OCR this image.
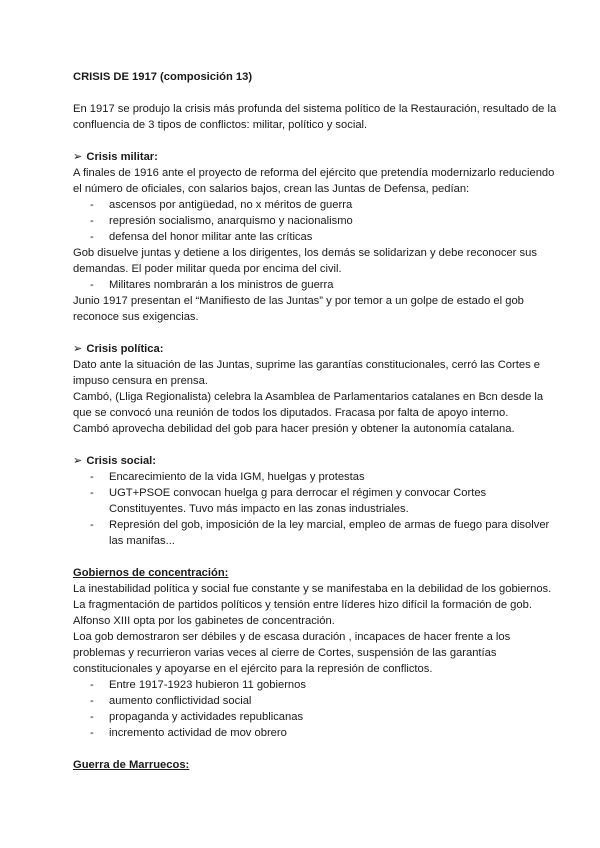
CRISIS DE 1917 (composición 13)

En 1917 se produjo la crisis más profunda del sistema político de la Restauración, resultado de la confluencia de 3 tipos de conflictos: militar, político y social.

➢ Crisis militar:

A finales de 1916 ante el proyecto de reforma del ejército que pretendía modernizarlo reduciendo el número de oficiales, con salarios bajos, crean las Juntas de Defensa, pedían:

- ascensos por antigüedad, no x méritos de guerra
- represión socialismo, anarquismo y nacionalismo
- defensa del honor militar ante las críticas

Gob disuelve juntas y detiene a los dirigentes, los demás se solidarizan y debe reconocer sus demandas. El poder militar queda por encima del civil.

- Militares nombrarán a los ministros de guerra

Junio 1917 presentan el “Manifiesto de las Juntas” y por temor a un golpe de estado el gob reconoce sus exigencias.

➢ Crisis política:

Dato ante la situación de las Juntas, suprime las garantías constitucionales, cerró las Cortes e impuso censura en prensa.

Cambó, (Lliga Regionalista) celebra la Asamblea de Parlamentarios catalanes en Bcn desde la que se convocó una reunión de todos los diputados. Fracasa por falta de apoyo interno.

Cambó aprovecha debilidad del gob para hacer presión y obtener la autonomía catalana.

➢ Crisis social:

- Encarecimiento de la vida IGM, huelgas y protestas
- UGT+PSOE convocan huelga g para derrocar el régimen y convocar Cortes Constituyentes. Tuvo más impacto en las zonas industriales.
- Represión del gob, imposición de la ley marcial, empleo de armas de fuego para disolver las manifas...

Gobiernos de concentración:

La inestabilidad política y social fue constante y se manifestaba en la debilidad de los gobiernos. La fragmentación de partidos políticos y tensión entre líderes hizo difícil la formación de gob. Alfonso XIII opta por los gabinetes de concentración.

Loa gob demostraron ser débiles y de escasa duración , incapaces de hacer frente a los problemas y recurrieron varias veces al cierre de Cortes, suspensión de las garantías constitucionales y apoyarse en el ejército para la represión de conflictos.

- Entre 1917-1923 hubieron 11 gobiernos
- aumento conflictividad social
- propaganda y actividades republicanas
- incremento actividad de mov obrero

Guerra de Marruecos:
